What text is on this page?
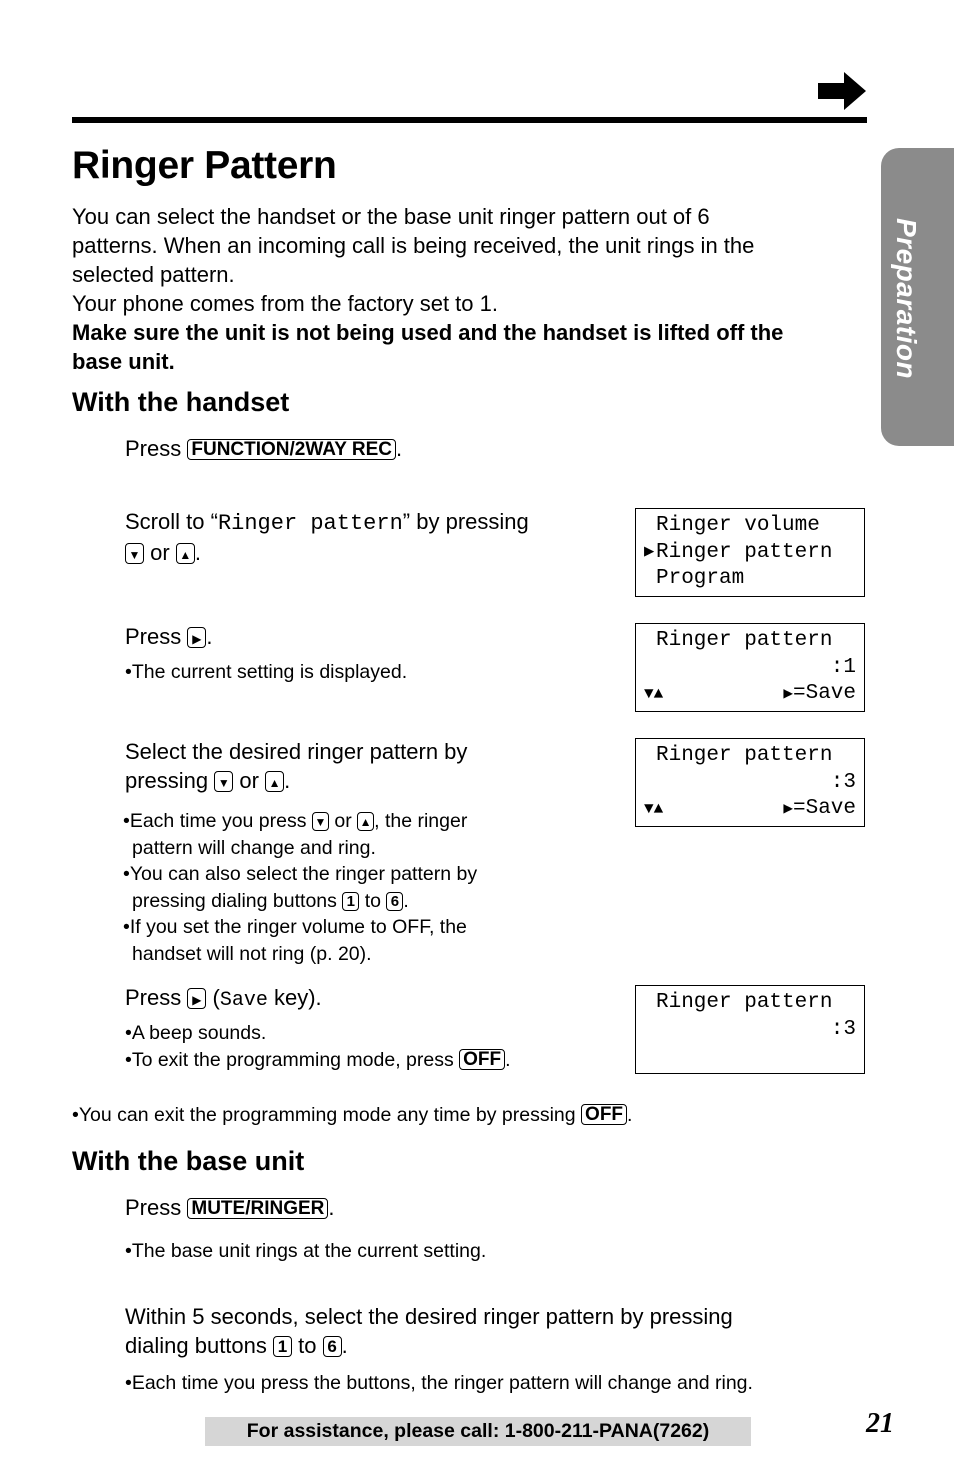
Preparation
Ringer Pattern

You can select the handset or the base unit ringer pattern out of 6

patterns. When an incoming call is being received, the unit rings in the

selected pattern.

Your phone comes from the factory set to 1.

Make sure the unit is not being used and the handset is lifted off the

base unit.

With the handset
Press FUNCTION/2WAY REC .
Scroll to “Ringer pattern” by pressing
▼ or ▲ .
Press ▶ .
•The current setting is displayed.
Select the desired ringer pattern by
pressing ▼ or ▲ .
•Each time you press ▼ or ▲ , the ringer
pattern will change and ring.
•You can also select the ringer pattern by
pressing dialing buttons 1 to 6 .
•If you set the ringer volume to OFF, the
handset will not ring (p. 20).
Press ▶ (Save key).
•A beep sounds.
•To exit the programming mode, press OFF .
•You can exit the programming mode any time by pressing OFF .
Ringer volume
▶ Ringer pattern
Program
Ringer pattern
:1
▼▲	▶=Save
Ringer pattern
:3
▼▲	▶=Save
Ringer pattern
:3
With the base unit
Press MUTE/RINGER .
•The base unit rings at the current setting.
Within 5 seconds, select the desired ringer pattern by pressing
dialing buttons 1 to 6 .
•Each time you press the buttons, the ringer pattern will change and ring.
For assistance, please call: 1-800-211-PANA(7262)	21
